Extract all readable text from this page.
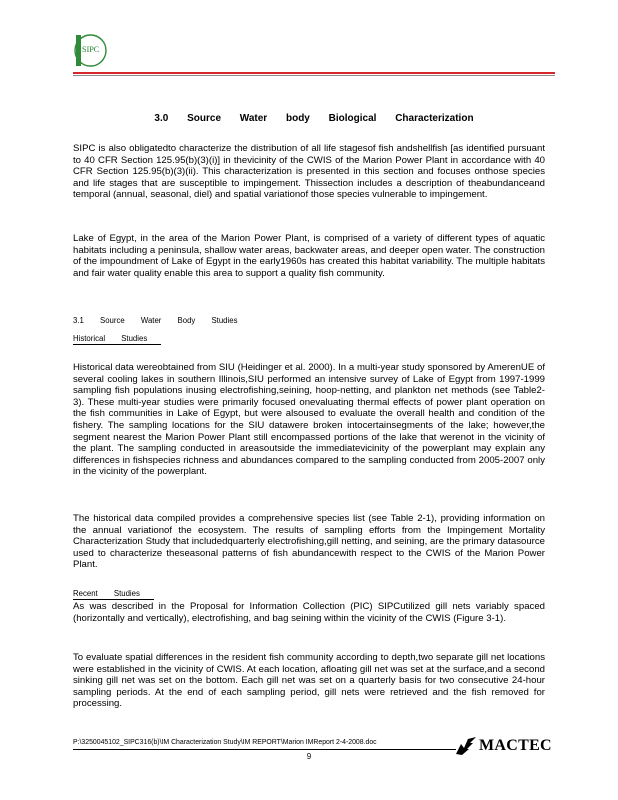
SIPC
3.0 Source Water body Biological Characterization

SIPC is also obligatedto characterize the distribution of all life stagesof fish andshellfish [as identified pursuant to 40 CFR Section 125.95(b)(3)(i)] in thevicinity of the CWIS of the Marion Power Plant in accordance with 40 CFR Section 125.95(b)(3)(ii). This characterization is presented in this section and focuses onthose species and life stages that are susceptible to impingement. Thissection includes a description of theabundanceand temporal (annual, seasonal, diel) and spatial variationof those species vulnerable to impingement.

Lake of Egypt, in the area of the Marion Power Plant, is comprised of a variety of different types of aquatic habitats including a peninsula, shallow water areas, backwater areas, and deeper open water. The construction of the impoundment of Lake of Egypt in the early1960s has created this habitat variability. The multiple habitats and fair water quality enable this area to support a quality fish community.

3.1 Source Water Body Studies
Historical Studies

Historical data wereobtained from SIU (Heidinger et al. 2000). In a multi-year study sponsored by AmerenUE of several cooling lakes in southern Illinois,SIU performed an intensive survey of Lake of Egypt from 1997-1999 sampling fish populations inusing electrofishing,seining, hoop-netting, and plankton net methods (see Table2-3). These multi-year studies were primarily focused onevaluating thermal effects of power plant operation on the fish communities in Lake of Egypt, but were alsoused to evaluate the overall health and condition of the fishery. The sampling locations for the SIU datawere broken intocertainsegments of the lake; however,the segment nearest the Marion Power Plant still encompassed portions of the lake that werenot in the vicinity of the plant. The sampling conducted in areasoutside the immediatevicinity of the powerplant may explain any differences in fishspecies richness and abundances compared to the sampling conducted from 2005-2007 only in the vicinity of the powerplant.

The historical data compiled provides a comprehensive species list (see Table 2-1), providing information on the annual variationof the ecosystem. The results of sampling efforts from the Impingement Mortality Characterization Study that includedquarterly electrofishing,gill netting, and seining, are the primary datasource used to characterize theseasonal patterns of fish abundancewith respect to the CWIS of the Marion Power Plant.

Recent Studies

As was described in the Proposal for Information Collection (PIC) SIPCutilized gill nets variably spaced (horizontally and vertically), electrofishing, and bag seining within the vicinity of the CWIS (Figure 3-1).

To evaluate spatial differences in the resident fish community according to depth,two separate gill net locations were established in the vicinity of CWIS. At each location, afloating gill net was set at the surface,and a second sinking gill net was set on the bottom. Each gill net was set on a quarterly basis for two consecutive 24-hour sampling periods. At the end of each sampling period, gill nets were retrieved and the fish removed for processing.

P:\3250045102_SIPC316(b)\IM Characterization Study\IM REPORT\Marion IMReport 2-4-2008.doc
9
MACTEC
